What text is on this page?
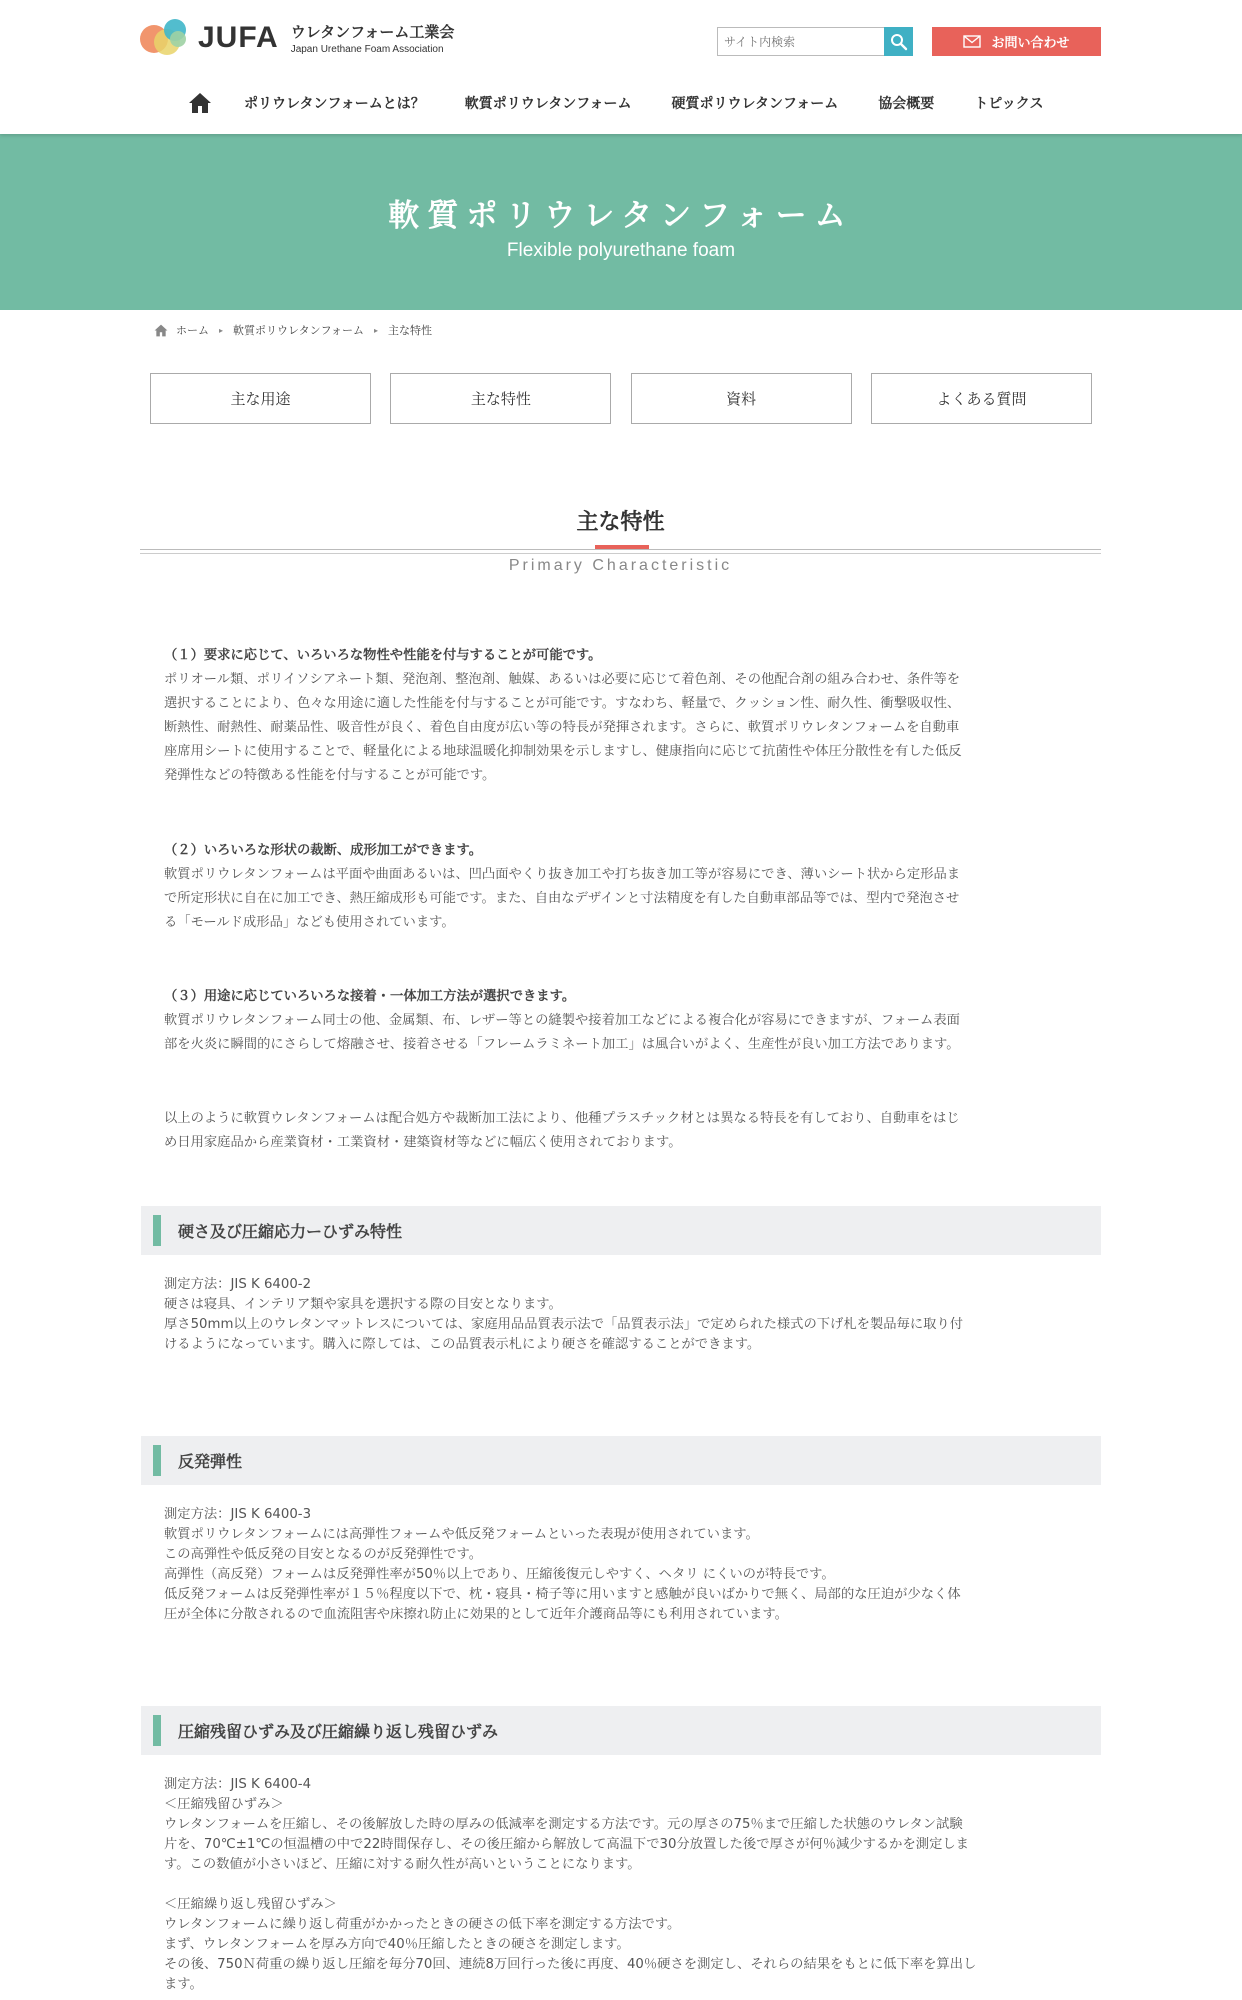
JUFA ウレタンフォーム工業会
Japan Urethane Foam Association
サイト内検索	お問い合わせ
ポリウレタンフォームとは？	軟質ポリウレタンフォーム	硬質ポリウレタンフォーム	協会概要	トピックス
軟質ポリウレタンフォーム
Flexible polyurethane foam
ホーム ▸ 軟質ポリウレタンフォーム ▸ 主な特性
主な用途	主な特性	資料	よくある質問
主な特性
Primary Characteristic
（１）要求に応じて、いろいろな物性や性能を付与することが可能です。
ポリオール類、ポリイソシアネート類、発泡剤、整泡剤、触媒、あるいは必要に応じて着色剤、その他配合剤の組み合わせ、条件等を
選択することにより、色々な用途に適した性能を付与することが可能です。すなわち、軽量で、クッション性、耐久性、衝撃吸収性、
断熱性、耐熱性、耐薬品性、吸音性が良く、着色自由度が広い等の特長が発揮されます。さらに、軟質ポリウレタンフォームを自動車
座席用シートに使用することで、軽量化による地球温暖化抑制効果を示しますし、健康指向に応じて抗菌性や体圧分散性を有した低反
発弾性などの特徴ある性能を付与することが可能です。
（２）いろいろな形状の裁断、成形加工ができます。
軟質ポリウレタンフォームは平面や曲面あるいは、凹凸面やくり抜き加工や打ち抜き加工等が容易にでき、薄いシート状から定形品ま
で所定形状に自在に加工でき、熱圧縮成形も可能です。また、自由なデザインと寸法精度を有した自動車部品等では、型内で発泡させ
る「モールド成形品」なども使用されています。
（３）用途に応じていろいろな接着・一体加工方法が選択できます。
軟質ポリウレタンフォーム同士の他、金属類、布、レザー等との縫製や接着加工などによる複合化が容易にできますが、フォーム表面
部を火炎に瞬間的にさらして熔融させ、接着させる「フレームラミネート加工」は風合いがよく、生産性が良い加工方法であります。
以上のように軟質ウレタンフォームは配合処方や裁断加工法により、他種プラスチック材とは異なる特長を有しており、自動車をはじ
め日用家庭品から産業資材・工業資材・建築資材等などに幅広く使用されております。
硬さ及び圧縮応力ーひずみ特性
測定方法：JIS K 6400-2
硬さは寝具、インテリア類や家具を選択する際の目安となります。
厚さ50mm以上のウレタンマットレスについては、家庭用品品質表示法で「品質表示法」で定められた様式の下げ札を製品毎に取り付
けるようになっています。購入に際しては、この品質表示札により硬さを確認することができます。
反発弾性
測定方法：JIS K 6400-3
軟質ポリウレタンフォームには高弾性フォームや低反発フォームといった表現が使用されています。
この高弾性や低反発の目安となるのが反発弾性です。
高弾性（高反発）フォームは反発弾性率が50％以上であり、圧縮後復元しやすく、ヘタリ にくいのが特長です。
低反発フォームは反発弾性率が１５％程度以下で、枕・寝具・椅子等に用いますと感触が良いばかりで無く、局部的な圧迫が少なく体
圧が全体に分散されるので血流阻害や床擦れ防止に効果的として近年介護商品等にも利用されています。
圧縮残留ひずみ及び圧縮繰り返し残留ひずみ
測定方法：JIS K 6400-4
＜圧縮残留ひずみ＞
ウレタンフォームを圧縮し、その後解放した時の厚みの低減率を測定する方法です。元の厚さの75％まで圧縮した状態のウレタン試験
片を、70℃±1℃の恒温槽の中で22時間保存し、その後圧縮から解放して高温下で30分放置した後で厚さが何％減少するかを測定しま
す。この数値が小さいほど、圧縮に対する耐久性が高いということになります。
＜圧縮繰り返し残留ひずみ＞
ウレタンフォームに繰り返し荷重がかかったときの硬さの低下率を測定する方法です。
まず、ウレタンフォームを厚み方向で40％圧縮したときの硬さを測定します。
その後、750Ｎ荷重の繰り返し圧縮を毎分70回、連続8万回行った後に再度、40％硬さを測定し、それらの結果をもとに低下率を算出し
ます。
